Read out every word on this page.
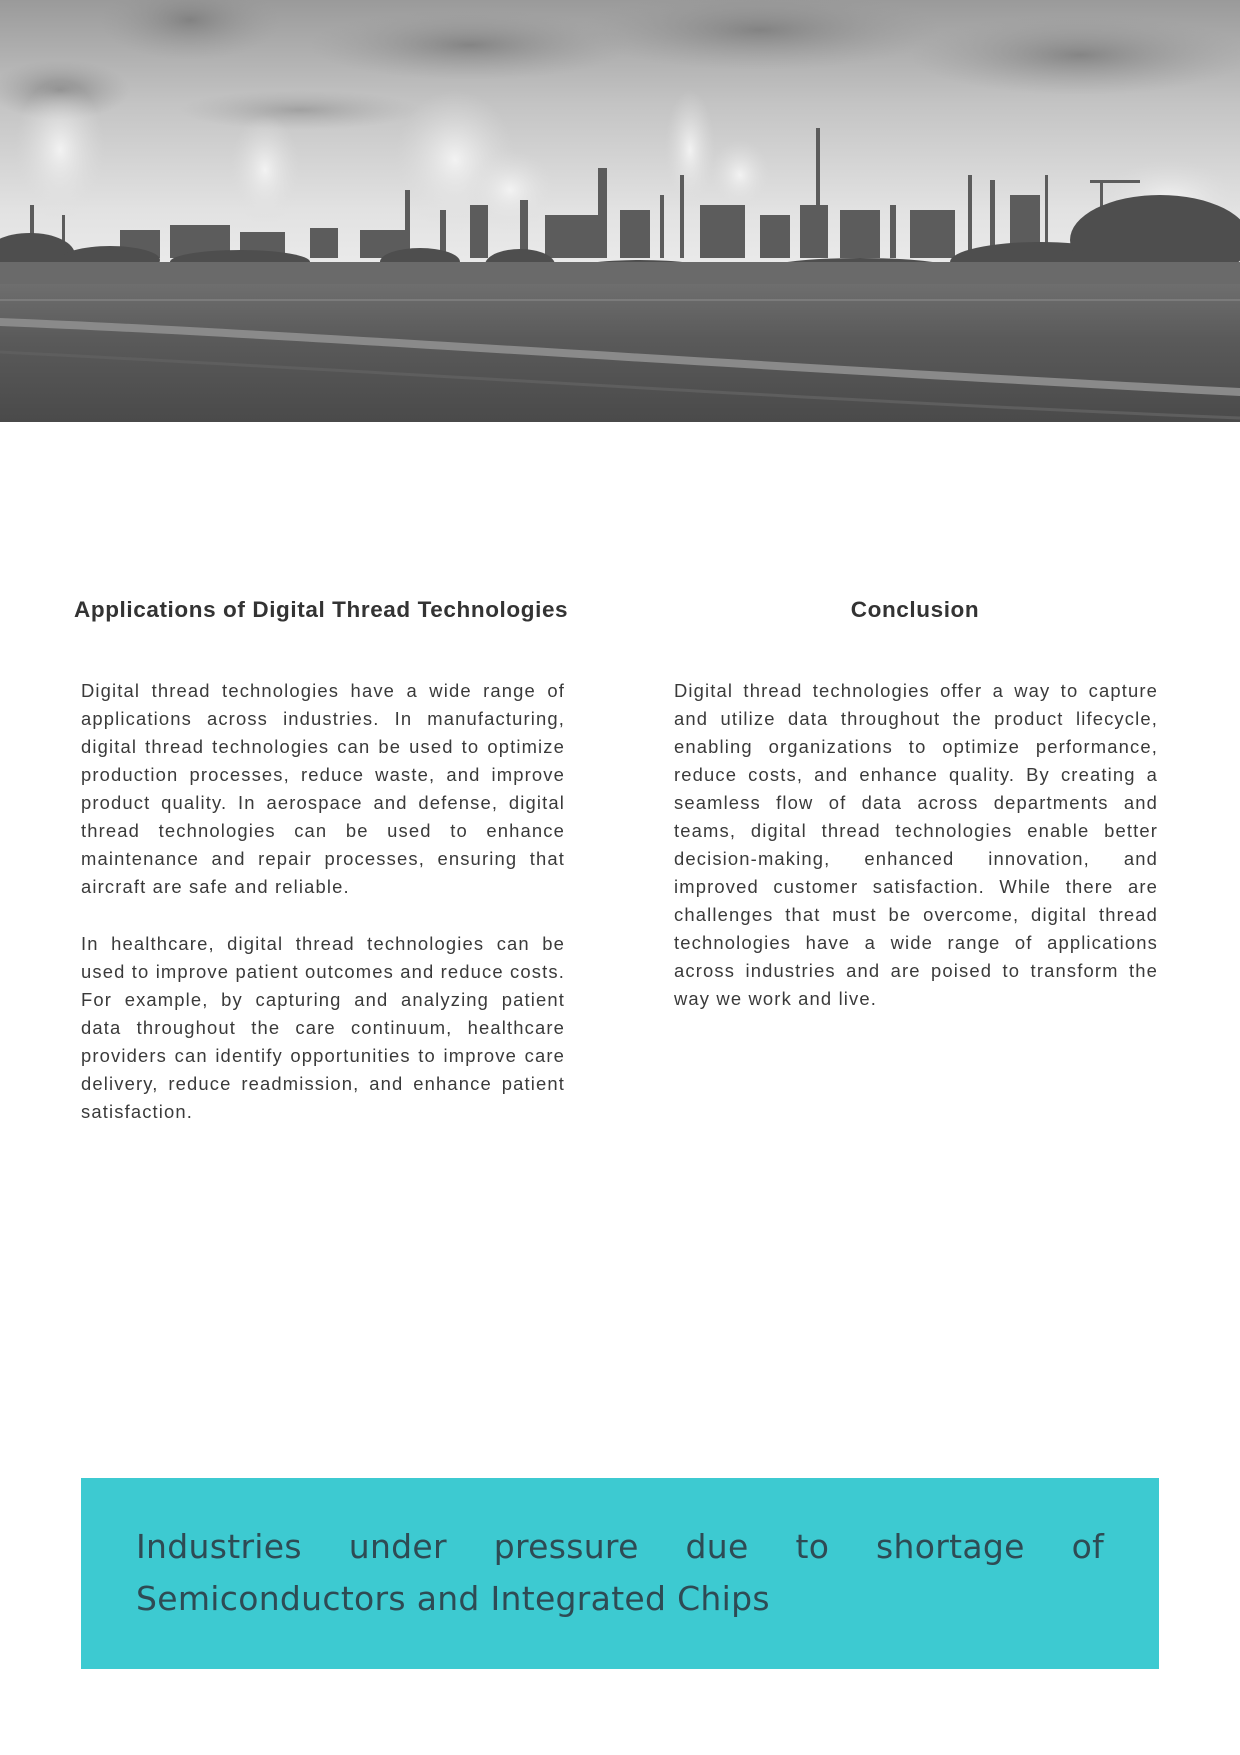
Applications of Digital Thread Technologies

Digital thread technologies have a wide range of applications across industries. In manufacturing, digital thread technologies can be used to optimize production processes, reduce waste, and improve product quality. In aerospace and defense, digital thread technologies can be used to enhance maintenance and repair processes, ensuring that aircraft are safe and reliable.

In healthcare, digital thread technologies can be used to improve patient outcomes and reduce costs. For example, by capturing and analyzing patient data throughout the care continuum, healthcare providers can identify opportunities to improve care delivery, reduce readmission, and enhance patient satisfaction.

Conclusion

Digital thread technologies offer a way to capture and utilize data throughout the product lifecycle, enabling organizations to optimize performance, reduce costs, and enhance quality. By creating a seamless flow of data across departments and teams, digital thread technologies enable better decision-making, enhanced innovation, and improved customer satisfaction. While there are challenges that must be overcome, digital thread technologies have a wide range of applications across industries and are poised to transform the way we work and live.

Industries under pressure due to shortage of Semiconductors and Integrated Chips
